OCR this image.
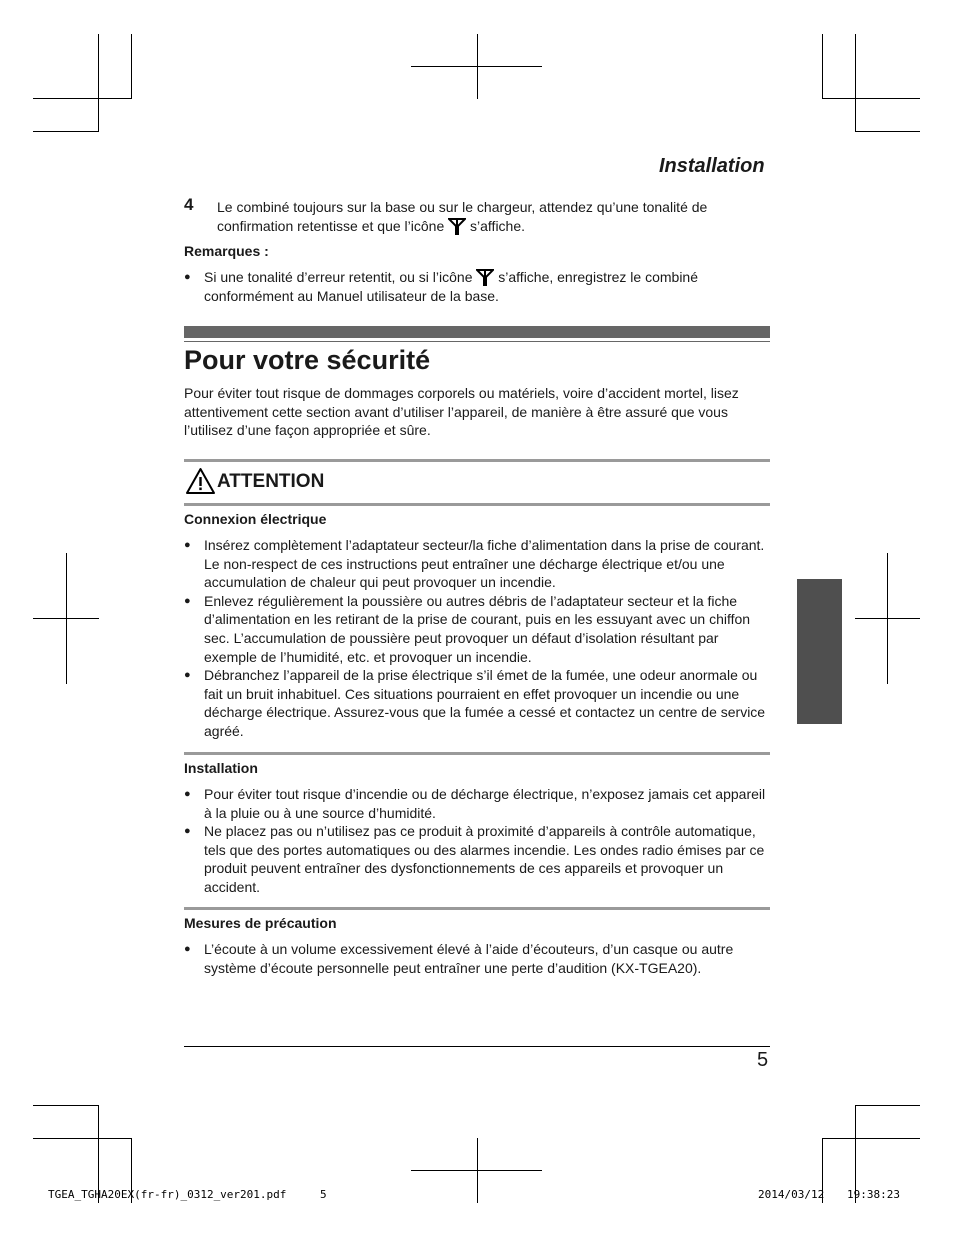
Installation
4 Le combiné toujours sur la base ou sur le chargeur, attendez qu’une tonalité de confirmation retentisse et que l’icône s’affiche.
Remarques :
● Si une tonalité d’erreur retentit, ou si l’icône s’affiche, enregistrez le combiné conformément au Manuel utilisateur de la base.
Pour votre sécurité
Pour éviter tout risque de dommages corporels ou matériels, voire d’accident mortel, lisez attentivement cette section avant d’utiliser l’appareil, de manière à être assuré que vous l’utilisez d’une façon appropriée et sûre.
ATTENTION
Connexion électrique
● Insérez complètement l’adaptateur secteur/la fiche d’alimentation dans la prise de courant. Le non-respect de ces instructions peut entraîner une décharge électrique et/ou une accumulation de chaleur qui peut provoquer un incendie.
● Enlevez régulièrement la poussière ou autres débris de l’adaptateur secteur et la fiche d’alimentation en les retirant de la prise de courant, puis en les essuyant avec un chiffon sec. L’accumulation de poussière peut provoquer un défaut d’isolation résultant par exemple de l’humidité, etc. et provoquer un incendie.
● Débranchez l’appareil de la prise électrique s’il émet de la fumée, une odeur anormale ou fait un bruit inhabituel. Ces situations pourraient en effet provoquer un incendie ou une décharge électrique. Assurez-vous que la fumée a cessé et contactez un centre de service agréé.
Installation
● Pour éviter tout risque d’incendie ou de décharge électrique, n’exposez jamais cet appareil à la pluie ou à une source d’humidité.
● Ne placez pas ou n’utilisez pas ce produit à proximité d’appareils à contrôle automatique, tels que des portes automatiques ou des alarmes incendie. Les ondes radio émises par ce produit peuvent entraîner des dysfonctionnements de ces appareils et provoquer un accident.
Mesures de précaution
● L’écoute à un volume excessivement élevé à l’aide d’écouteurs, d’un casque ou autre système d’écoute personnelle peut entraîner une perte d’audition (KX-TGEA20).
5
TGEA_TGHA20EX(fr-fr)_0312_ver201.pdf	5	2014/03/12 19:38:23
